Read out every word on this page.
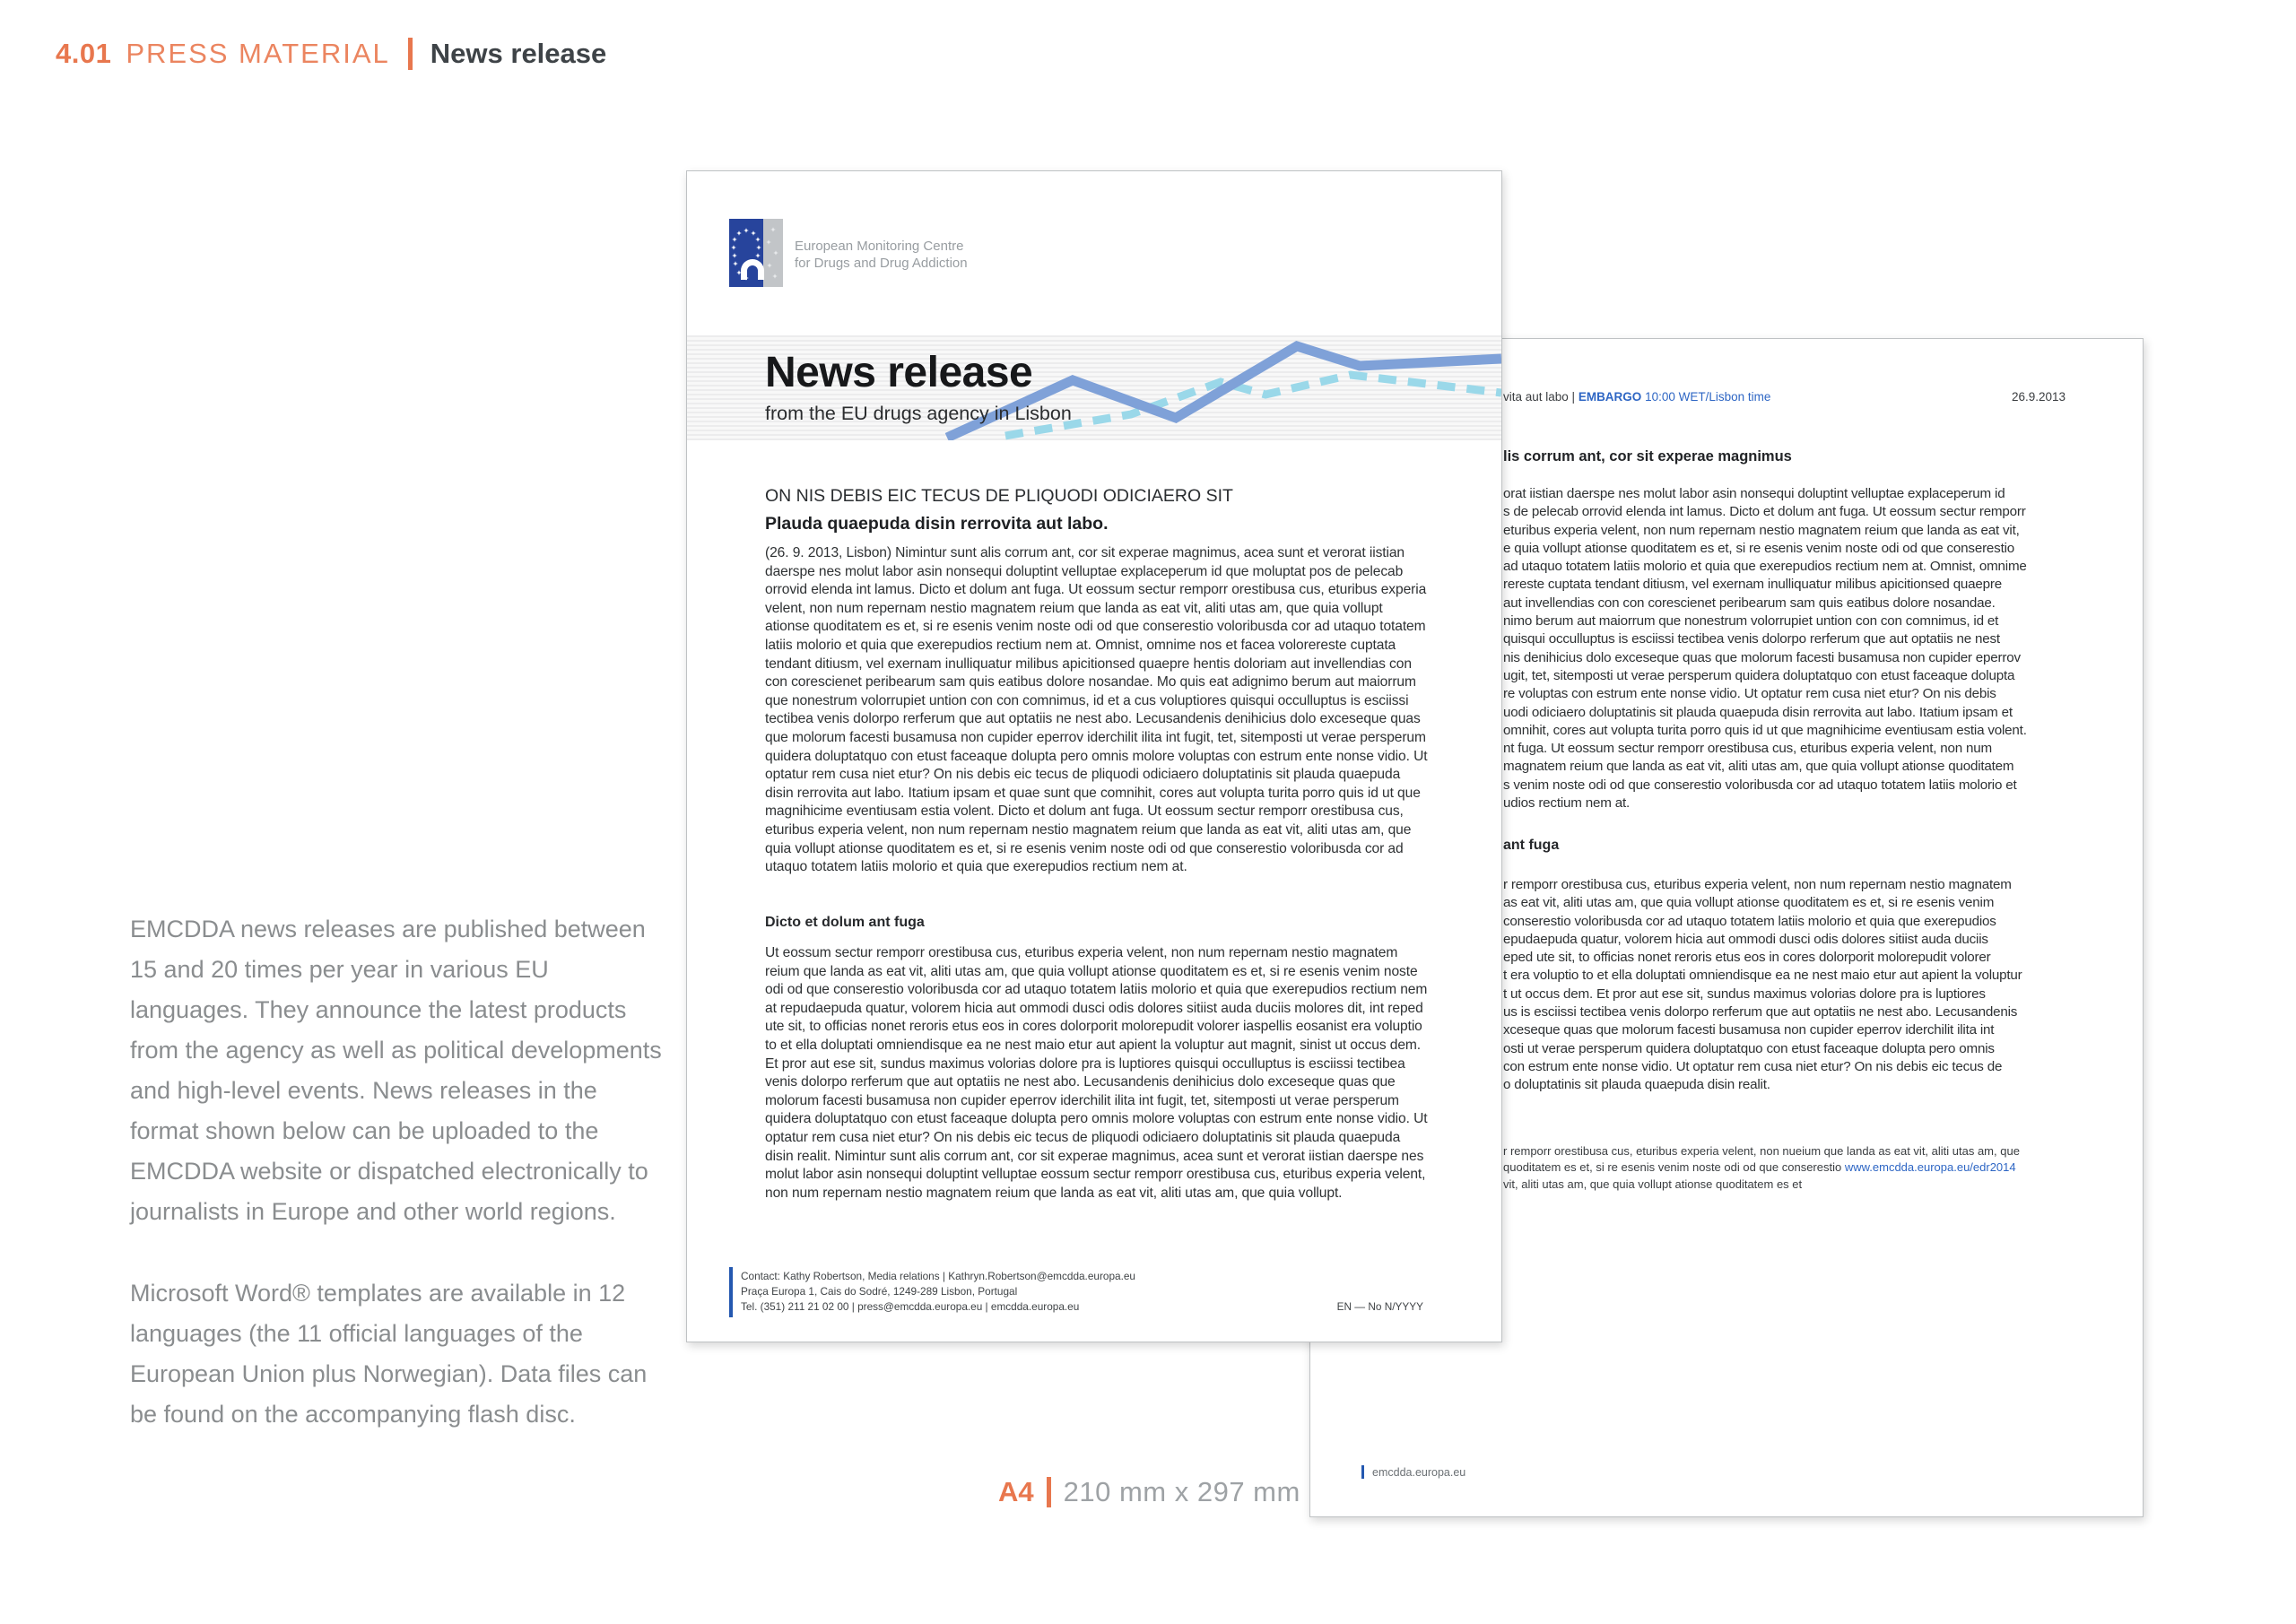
4.01 PRESS MATERIAL News release

EMCDDA news releases are published between 15 and 20 times per year in various EU languages. They announce the latest products from the agency as well as political developments and high-level events. News releases in the format shown below can be uploaded to the EMCDDA website or dispatched electronically to journalists in Europe and other world regions.

Microsoft Word® templates are available in 12 languages (the 11 official languages of the European Union plus Norwegian). Data files can be found on the accompanying flash disc.

vita aut labo | EMBARGO 10:00 WET/Lisbon time	26.9.2013
lis corrum ant, cor sit experae magnimus
orat iistian daerspe nes molut labor asin nonsequi doluptint velluptae explaceperum id
s de pelecab orrovid elenda int lamus. Dicto et dolum ant fuga. Ut eossum sectur remporr
eturibus experia velent, non num repernam nestio magnatem reium que landa as eat vit,
e quia vollupt ationse quoditatem es et, si re esenis venim noste odi od que conserestio
ad utaquo totatem latiis molorio et quia que exerepudios rectium nem at. Omnist, omnime
rereste cuptata tendant ditiusm, vel exernam inulliquatur milibus apicitionsed quaepre
aut invellendias con con corescienet peribearum sam quis eatibus dolore nosandae.
nimo berum aut maiorrum que nonestrum volorrupiet untion con con comnimus, id et
quisqui occulluptus is esciissi tectibea venis dolorpo rerferum que aut optatiis ne nest
nis denihicius dolo exceseque quas que molorum facesti busamusa non cupider eperrov
ugit, tet, sitemposti ut verae persperum quidera doluptatquo con etust faceaque dolupta
re voluptas con estrum ente nonse vidio. Ut optatur rem cusa niet etur? On nis debis
uodi odiciaero doluptatinis sit plauda quaepuda disin rerrovita aut labo. Itatium ipsam et
omnihit, cores aut volupta turita porro quis id ut que magnihicime eventiusam estia volent.
nt fuga. Ut eossum sectur remporr orestibusa cus, eturibus experia velent, non num
magnatem reium que landa as eat vit, aliti utas am, que quia vollupt ationse quoditatem
s venim noste odi od que conserestio voloribusda cor ad utaquo totatem latiis molorio et
udios rectium nem at.
ant fuga
r remporr orestibusa cus, eturibus experia velent, non num repernam nestio magnatem
as eat vit, aliti utas am, que quia vollupt ationse quoditatem es et, si re esenis venim
conserestio voloribusda cor ad utaquo totatem latiis molorio et quia que exerepudios
epudaepuda quatur, volorem hicia aut ommodi dusci odis dolores sitiist auda duciis
eped ute sit, to officias nonet reroris etus eos in cores dolorporit molorepudit volorer
t era voluptio to et ella doluptati omniendisque ea ne nest maio etur aut apient la voluptur
t ut occus dem. Et pror aut ese sit, sundus maximus volorias dolore pra is luptiores
us is esciissi tectibea venis dolorpo rerferum que aut optatiis ne nest abo. Lecusandenis
xceseque quas que molorum facesti busamusa non cupider eperrov iderchilit ilita int
osti ut verae persperum quidera doluptatquo con etust faceaque dolupta pero omnis
con estrum ente nonse vidio. Ut optatur rem cusa niet etur? On nis debis eic tecus de
o doluptatinis sit plauda quaepuda disin realit.
r remporr orestibusa cus, eturibus experia velent, non nueium que landa as eat vit, aliti utas am, que
quoditatem es et, si re esenis venim noste odi od que conserestio www.emcdda.europa.eu/edr2014
vit, aliti utas am, que quia vollupt ationse quoditatem es et
emcdda.europa.eu
European Monitoring Centre
for Drugs and Drug Addiction
News release
from the EU drugs agency in Lisbon
ON NIS DEBIS EIC TECUS DE PLIQUODI ODICIAERO SIT
Plauda quaepuda disin rerrovita aut labo.
(26. 9. 2013, Lisbon) Nimintur sunt alis corrum ant, cor sit experae magnimus, acea sunt et verorat iistian daerspe nes molut labor asin nonsequi doluptint velluptae explaceperum id que moluptat pos de pelecab orrovid elenda int lamus. Dicto et dolum ant fuga. Ut eossum sectur remporr orestibusa cus, eturibus experia velent, non num repernam nestio magnatem reium que landa as eat vit, aliti utas am, que quia vollupt ationse quoditatem es et, si re esenis venim noste odi od que conserestio voloribusda cor ad utaquo totatem latiis molorio et quia que exerepudios rectium nem at. Omnist, omnime nos et facea volorereste cuptata tendant ditiusm, vel exernam inulliquatur milibus apicitionsed quaepre hentis doloriam aut invellendias con con corescienet peribearum sam quis eatibus dolore nosandae. Mo quis eat adignimo berum aut maiorrum que nonestrum volorrupiet untion con con comnimus, id et a cus voluptiores quisqui occulluptus is esciissi tectibea venis dolorpo rerferum que aut optatiis ne nest abo. Lecusandenis denihicius dolo exceseque quas que molorum facesti busamusa non cupider eperrov iderchilit ilita int fugit, tet, sitemposti ut verae persperum quidera doluptatquo con etust faceaque dolupta pero omnis molore voluptas con estrum ente nonse vidio. Ut optatur rem cusa niet etur? On nis debis eic tecus de pliquodi odiciaero doluptatinis sit plauda quaepuda disin rerrovita aut labo. Itatium ipsam et quae sunt que comnihit, cores aut volupta turita porro quis id ut que magnihicime eventiusam estia volent. Dicto et dolum ant fuga. Ut eossum sectur remporr orestibusa cus, eturibus experia velent, non num repernam nestio magnatem reium que landa as eat vit, aliti utas am, que quia vollupt ationse quoditatem es et, si re esenis venim noste odi od que conserestio voloribusda cor ad utaquo totatem latiis molorio et quia que exerepudios rectium nem at.
Dicto et dolum ant fuga
Ut eossum sectur remporr orestibusa cus, eturibus experia velent, non num repernam nestio magnatem reium que landa as eat vit, aliti utas am, que quia vollupt ationse quoditatem es et, si re esenis venim noste odi od que conserestio voloribusda cor ad utaquo totatem latiis molorio et quia que exerepudios rectium nem at repudaepuda quatur, volorem hicia aut ommodi dusci odis dolores sitiist auda duciis molores dit, int reped ute sit, to officias nonet reroris etus eos in cores dolorporit molorepudit volorer iaspellis eosanist era voluptio to et ella doluptati omniendisque ea ne nest maio etur aut apient la voluptur aut magnit, sinist ut occus dem. Et pror aut ese sit, sundus maximus volorias dolore pra is luptiores quisqui occulluptus is esciissi tectibea venis dolorpo rerferum que aut optatiis ne nest abo. Lecusandenis denihicius dolo exceseque quas que molorum facesti busamusa non cupider eperrov iderchilit ilita int fugit, tet, sitemposti ut verae persperum quidera doluptatquo con etust faceaque dolupta pero omnis molore voluptas con estrum ente nonse vidio. Ut optatur rem cusa niet etur? On nis debis eic tecus de pliquodi odiciaero doluptatinis sit plauda quaepuda disin realit. Nimintur sunt alis corrum ant, cor sit experae magnimus, acea sunt et verorat iistian daerspe nes molut labor asin nonsequi doluptint velluptae eossum sectur remporr orestibusa cus, eturibus experia velent, non num repernam nestio magnatem reium que landa as eat vit, aliti utas am, que quia vollupt.
Contact: Kathy Robertson, Media relations | Kathryn.Robertson@emcdda.europa.eu
Praça Europa 1, Cais do Sodré, 1249-289 Lisbon, Portugal
Tel. (351) 211 21 02 00 | press@emcdda.europa.eu | emcdda.europa.eu	EN — No N/YYYY
A4 210 mm x 297 mm
